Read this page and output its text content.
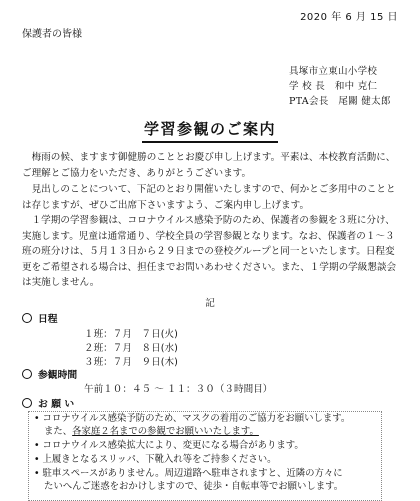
2020 年 6 月 15 日
保護者の皆様
具塚市立東山小学校
学 校 長　和中 克仁
PTA会長　尾關 健太郎
学習参観のご案内

梅雨の候、ますます御健勝のこととお慶び申し上げます。平素は、本校教育活動に、ご理解とご協力をいただき、ありがとうございます。

見出しのことについて、下記のとおり開催いたしますので、何かとご多用中のこととは存じますが、ぜひご出席下さいますよう、ご案内申し上げます。

１学期の学習参観は、コロナウイルス感染予防のため、保護者の参観を３班に分け、実施します。児童は通常通り、学校全員の学習参観となります。なお、保護者の１〜３班の班分けは、５月１３日から２９日までの登校グループと同一といたします。日程変更をご希望される場合は、担任までお問いあわせください。また、１学期の学級懇談会は実施しません。

記
日程
１班：７月　７日(火)
２班：７月　８日(水)
３班：７月　９日(木)
参観時間
午前１０：４５ 〜 １１：３０（３時間目）
お 願 い
• コロナウイルス感染予防のため、マスクの着用のご協力をお願いします。
また、各家庭２名までの参観でお願いいたします。
• コロナウイルス感染拡大により、変更になる場合があります。
• 上履きとなるスリッパ、下靴入れ等をご持参ください。
• 駐車スペースがありません。周辺道路へ駐車されますと、近隣の方々に
たいへんご迷惑をおかけしますので、徒歩・自転車等でお願いします。
